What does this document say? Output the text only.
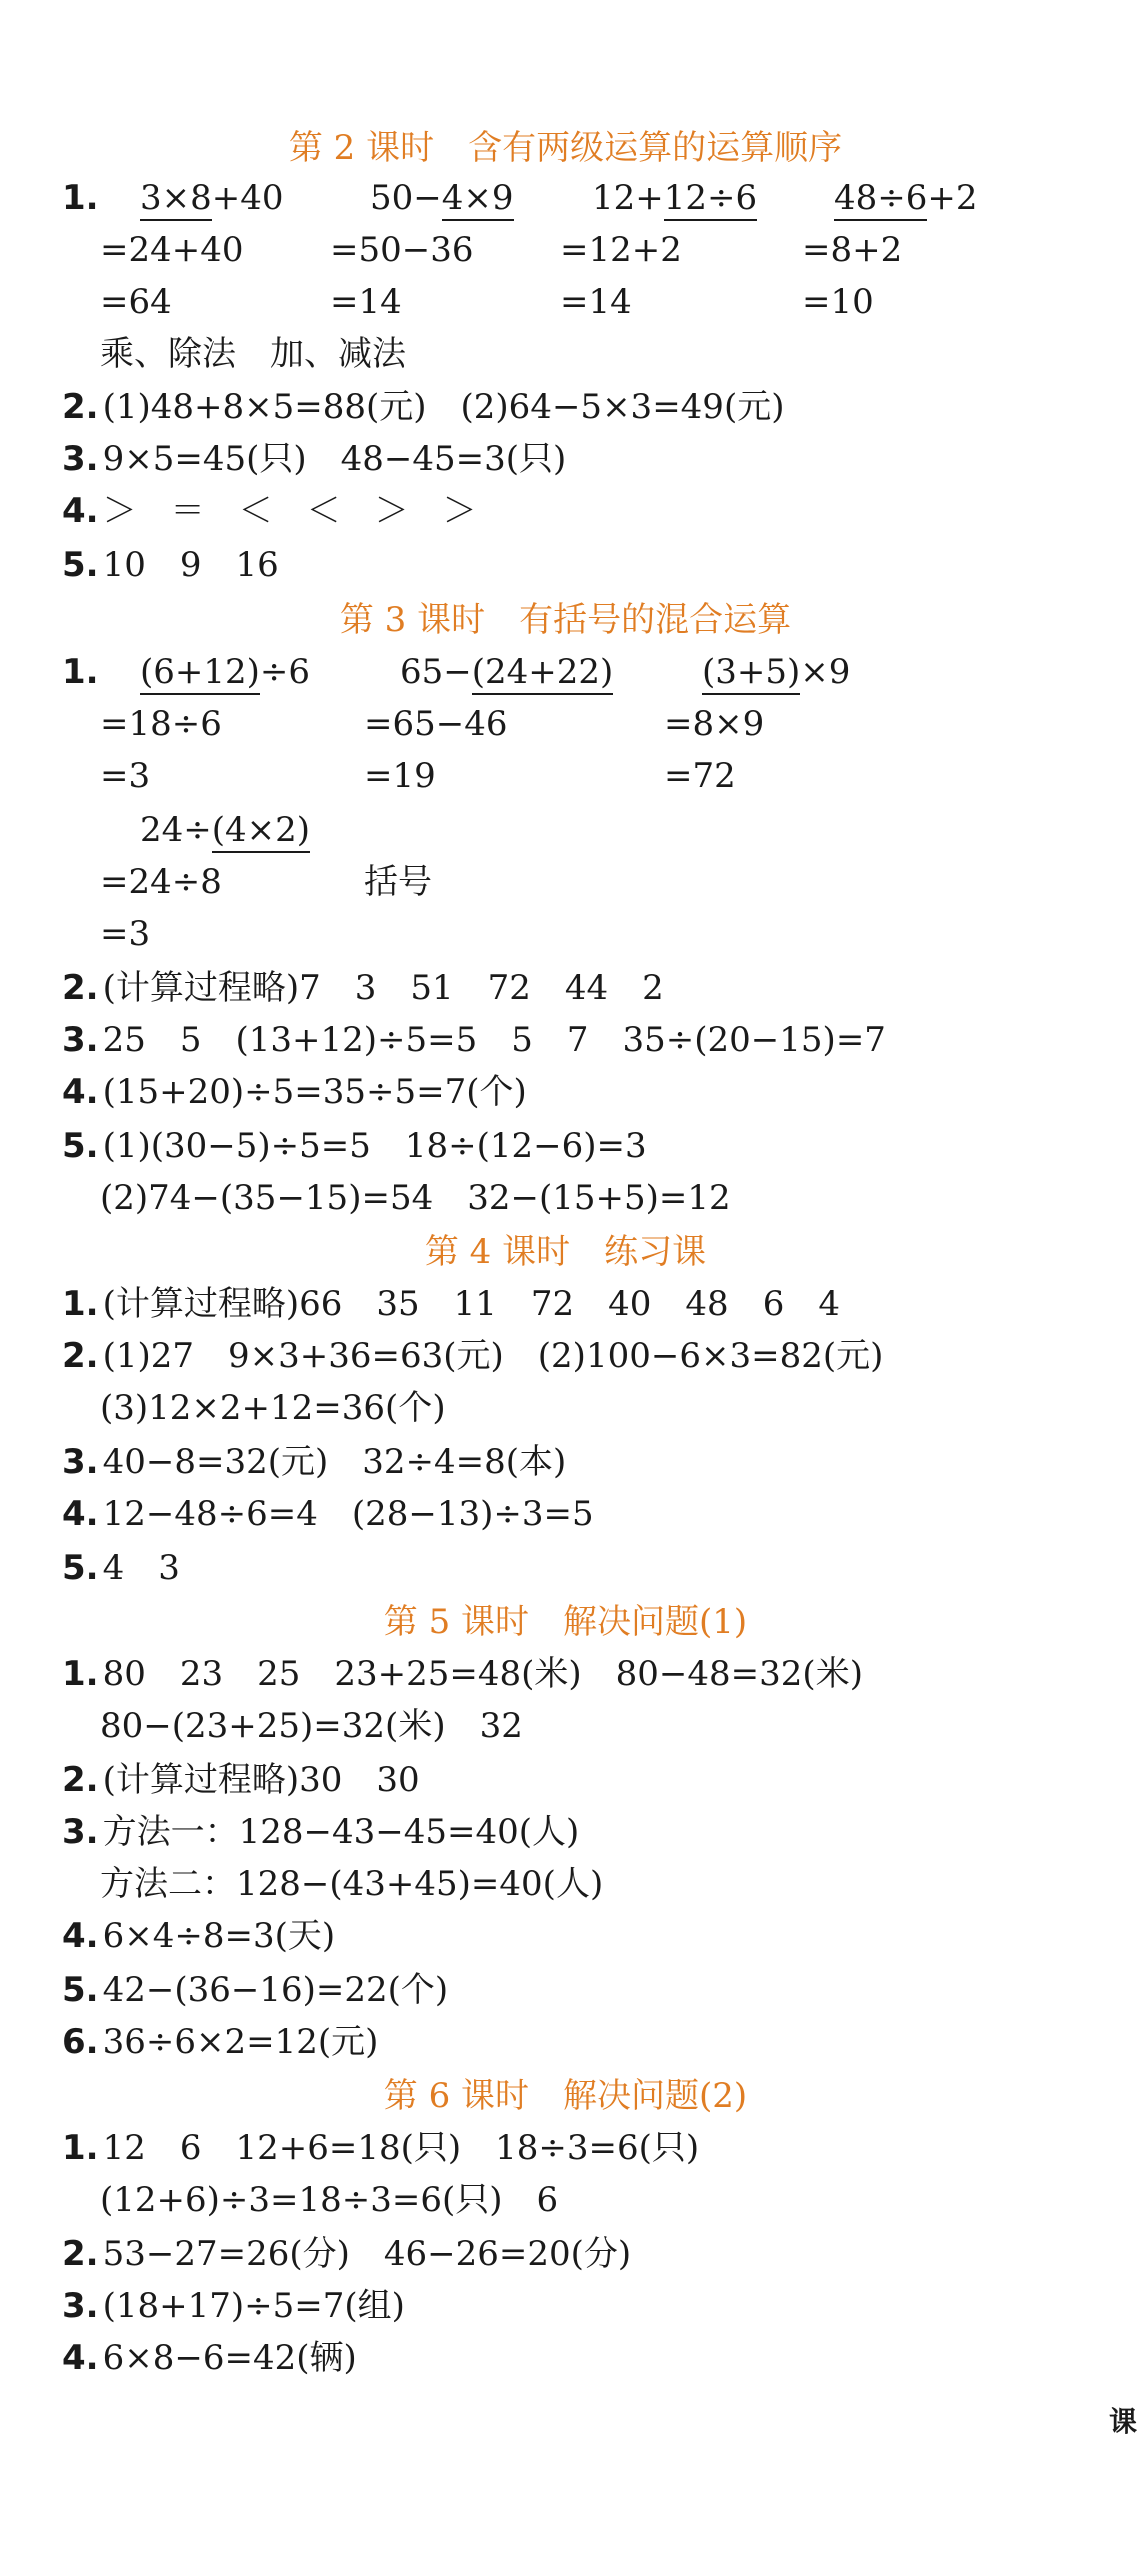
第 2 课时　含有两级运算的运算顺序
1. 3×8+40	50−4×9 12+12÷6 48÷6+2
=24+40	=50−36	=12+2	=8+2
=64	=14	=14	=10
乘、除法　加、减法
2. (1)48+8×5=88(元)　(2)64−5×3=49(元)
3. 9×5=45(只)　48−45=3(只)
4. ＞　＝　＜　＜　＞　＞
5. 10　9　16
第 3 课时　有括号的混合运算
1. (6+12)÷6	65−(24+22)	(3+5)×9
=18÷6	=65−46	=8×9
=3	=19	=72
24÷(4×2)
=24÷8	括号
=3
2. (计算过程略)7　3　51　72　44　2
3. 25　5　(13+12)÷5=5　5　7　35÷(20−15)=7
4. (15+20)÷5=35÷5=7(个)
5. (1)(30−5)÷5=5　18÷(12−6)=3
(2)74−(35−15)=54　32−(15+5)=12
第 4 课时　练习课
1. (计算过程略)66　35　11　72　40　48　6　4
2. (1)27　9×3+36=63(元)　(2)100−6×3=82(元)
(3)12×2+12=36(个)
3. 40−8=32(元)　32÷4=8(本)
4. 12−48÷6=4　(28−13)÷3=5
5. 4　3
第 5 课时　解决问题(1)
1. 80　23　25　23+25=48(米)　80−48=32(米)
80−(23+25)=32(米)　32
2. (计算过程略)30　30
3. 方法一：128−43−45=40(人)
方法二：128−(43+45)=40(人)
4. 6×4÷8=3(天)
5. 42−(36−16)=22(个)
6. 36÷6×2=12(元)
第 6 课时　解决问题(2)
1. 12　6　12+6=18(只)　18÷3=6(只)
(12+6)÷3=18÷3=6(只)　6
2. 53−27=26(分)　46−26=20(分)
3. (18+17)÷5=7(组)
4. 6×8−6=42(辆)
课
